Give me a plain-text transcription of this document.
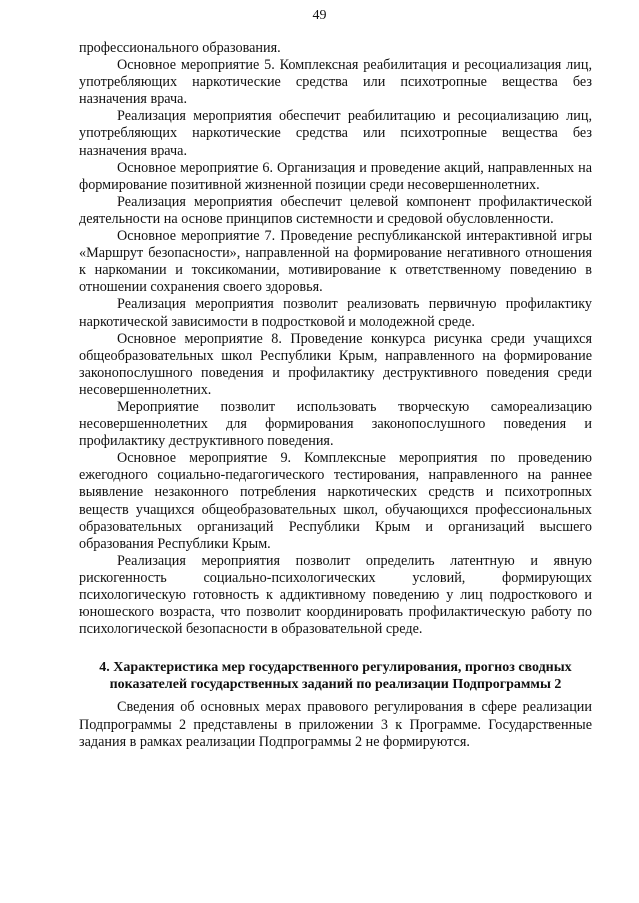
49

профессионального образования.

Основное мероприятие 5. Комплексная реабилитация и ресоциализация лиц, употребляющих наркотические средства или психотропные вещества без назначения врача.

Реализация мероприятия обеспечит реабилитацию и ресоциализацию лиц, употребляющих наркотические средства или психотропные вещества без назначения врача.

Основное мероприятие 6. Организация и проведение акций, направленных на формирование позитивной жизненной позиции среди несовершеннолетних.

Реализация мероприятия обеспечит целевой компонент профилактической деятельности на основе принципов системности и средовой обусловленности.

Основное мероприятие 7. Проведение республиканской интерактивной игры «Маршрут безопасности», направленной на формирование негативного отношения к наркомании и токсикомании, мотивирование к ответственному поведению в отношении сохранения своего здоровья.

Реализация мероприятия позволит реализовать первичную профилактику наркотической зависимости в подростковой и молодежной среде.

Основное мероприятие 8. Проведение конкурса рисунка среди учащихся общеобразовательных школ Республики Крым, направленного на формирование законопослушного поведения и профилактику деструктивного поведения среди несовершеннолетних.

Мероприятие позволит использовать творческую самореализацию несовершеннолетних для формирования законопослушного поведения и профилактику деструктивного поведения.

Основное мероприятие 9. Комплексные мероприятия по проведению ежегодного социально-педагогического тестирования, направленного на раннее выявление незаконного потребления наркотических средств и психотропных веществ учащихся общеобразовательных школ, обучающихся профессиональных образовательных организаций Республики Крым и организаций высшего образования Республики Крым.

Реализация мероприятия позволит определить латентную и явную рискогенность социально-психологических условий, формирующих психологическую готовность к аддиктивному поведению у лиц подросткового и юношеского возраста, что позволит координировать профилактическую работу по психологической безопасности в образовательной среде.

4. Характеристика мер государственного регулирования, прогноз сводных показателей государственных заданий по реализации Подпрограммы 2

Сведения об основных мерах правового регулирования в сфере реализации Подпрограммы 2 представлены в приложении 3 к Программе. Государственные задания в рамках реализации Подпрограммы 2 не формируются.
